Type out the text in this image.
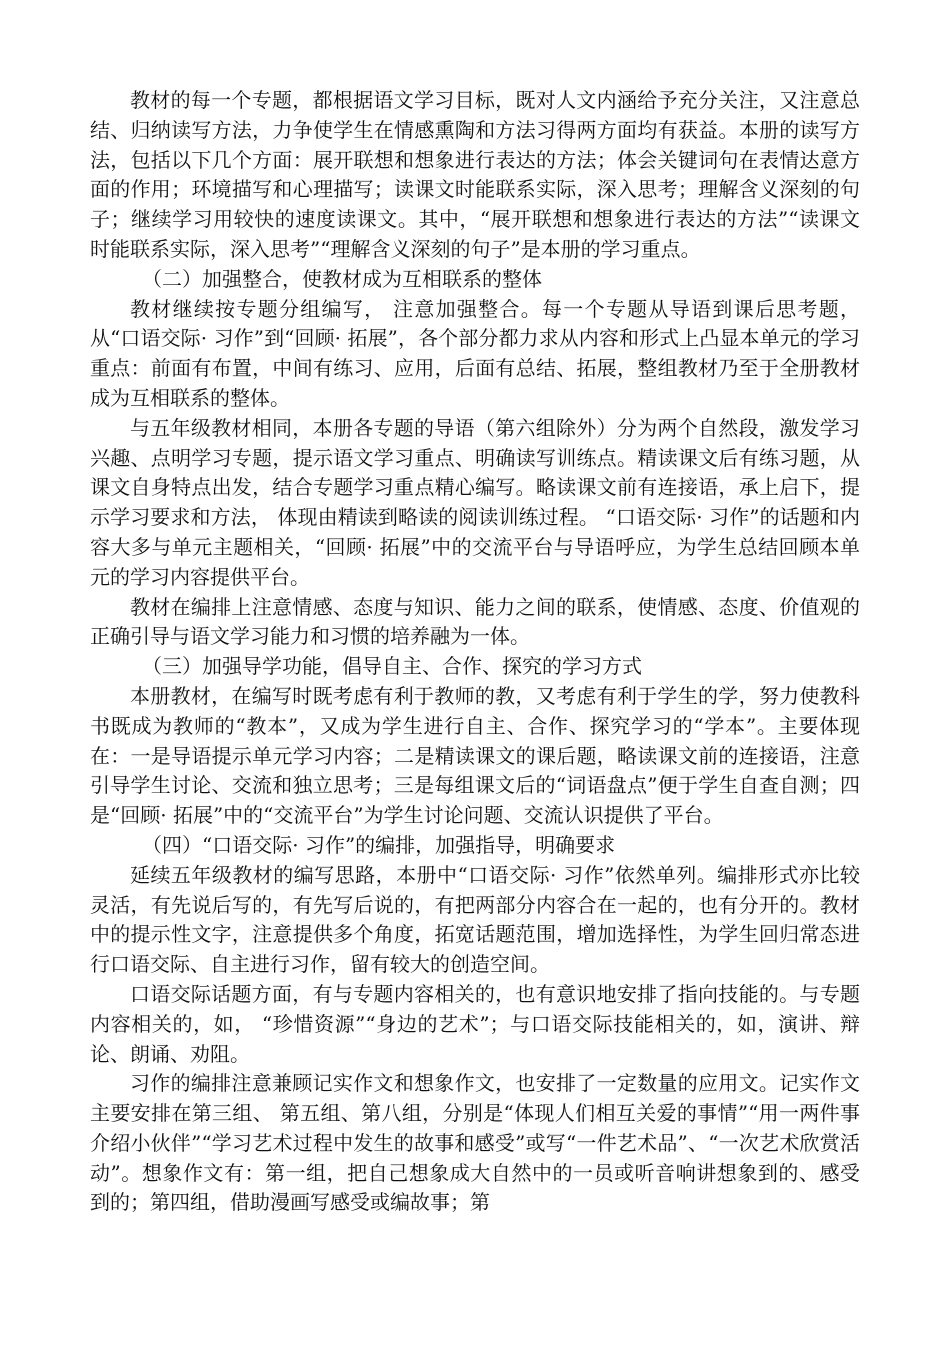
教材的每一个专题，都根据语文学习目标，既对人文内涵给予充分关注，又注意总结、归纳读写方法，力争使学生在情感熏陶和方法习得两方面均有获益。本册的读写方法，包括以下几个方面：展开联想和想象进行表达的方法；体会关键词句在表情达意方面的作用；环境描写和心理描写；读课文时能联系实际，深入思考；理解含义深刻的句子；继续学习用较快的速度读课文。其中，“展开联想和想象进行表达的方法”“读课文时能联系实际，深入思考”“理解含义深刻的句子”是本册的学习重点。

（二）加强整合，使教材成为互相联系的整体

教材继续按专题分组编写， 注意加强整合。每一个专题从导语到课后思考题，从“口语交际· 习作”到“回顾· 拓展”，各个部分都力求从内容和形式上凸显本单元的学习重点：前面有布置，中间有练习、应用，后面有总结、拓展，整组教材乃至于全册教材成为互相联系的整体。

与五年级教材相同，本册各专题的导语（第六组除外）分为两个自然段，激发学习兴趣、点明学习专题，提示语文学习重点、明确读写训练点。精读课文后有练习题，从课文自身特点出发，结合专题学习重点精心编写。略读课文前有连接语，承上启下，提示学习要求和方法， 体现由精读到略读的阅读训练过程。 “口语交际· 习作”的话题和内容大多与单元主题相关，“回顾· 拓展”中的交流平台与导语呼应，为学生总结回顾本单元的学习内容提供平台。

教材在编排上注意情感、态度与知识、能力之间的联系，使情感、态度、价值观的正确引导与语文学习能力和习惯的培养融为一体。

（三）加强导学功能，倡导自主、合作、探究的学习方式

本册教材，在编写时既考虑有利于教师的教，又考虑有利于学生的学，努力使教科书既成为教师的“教本”，又成为学生进行自主、合作、探究学习的“学本”。主要体现在：一是导语提示单元学习内容；二是精读课文的课后题，略读课文前的连接语，注意引导学生讨论、交流和独立思考；三是每组课文后的“词语盘点”便于学生自查自测；四是“回顾· 拓展”中的“交流平台”为学生讨论问题、交流认识提供了平台。

（四）“口语交际· 习作”的编排，加强指导，明确要求

延续五年级教材的编写思路，本册中“口语交际· 习作”依然单列。编排形式亦比较灵活，有先说后写的，有先写后说的，有把两部分内容合在一起的，也有分开的。教材中的提示性文字，注意提供多个角度，拓宽话题范围，增加选择性，为学生回归常态进行口语交际、自主进行习作，留有较大的创造空间。

口语交际话题方面，有与专题内容相关的，也有意识地安排了指向技能的。与专题内容相关的，如， “珍惜资源”“身边的艺术”；与口语交际技能相关的，如，演讲、辩论、朗诵、劝阻。

习作的编排注意兼顾记实作文和想象作文，也安排了一定数量的应用文。记实作文主要安排在第三组、 第五组、第八组，分别是“体现人们相互关爱的事情”“用一两件事介绍小伙伴”“学习艺术过程中发生的故事和感受”或写“一件艺术品”、“一次艺术欣赏活动”。想象作文有：第一组，把自己想象成大自然中的一员或听音响讲想象到的、感受到的；第四组，借助漫画写感受或编故事；第
